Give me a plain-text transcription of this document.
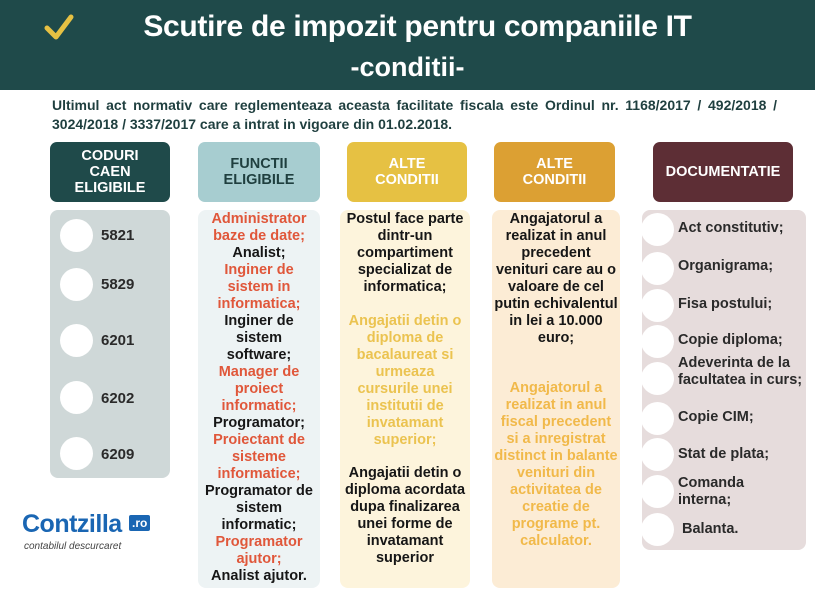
Scutire de impozit pentru companiile IT
-conditii-
Ultimul act normativ care reglementeaza aceasta facilitate fiscala este Ordinul nr. 1168/2017 / 492/2018 / 3024/2018 / 3337/2017 care a intrat in vigoare din 01.02.2018.
CODURI CAEN ELIGIBILE
FUNCTII ELIGIBILE
ALTE CONDITII
ALTE CONDITII	DOCUMENTATIE
5821
5829
6201
6202
6209
Administrator baze de date;
Analist;
Inginer de sistem in informatica;
Inginer de sistem software;
Manager de proiect informatic;
Programator;
Proiectant de sisteme informatice;
Programator de sistem informatic;
Programator ajutor;
Analist ajutor.
Postul face parte dintr-un compartiment specializat de informatica;
Angajatii detin o diploma de bacalaureat si urmeaza cursurile unei institutii de invatamant superior;
Angajatii detin o diploma acordata dupa finalizarea unei forme de invatamant superior
Angajatorul a realizat in anul precedent venituri care au o valoare de cel putin echivalentul in lei a 10.000 euro;
Angajatorul a realizat in anul fiscal precedent si a inregistrat distinct in balante venituri din activitatea de creatie de programe pt. calculator.
Act constitutiv;
Organigrama;
Fisa postului;
Copie diploma;
Adeverinta de la facultatea in curs;
Copie CIM;
Stat de plata;
Comanda interna;
Balanta.
Contzilla .ro
contabilul descurcaret
